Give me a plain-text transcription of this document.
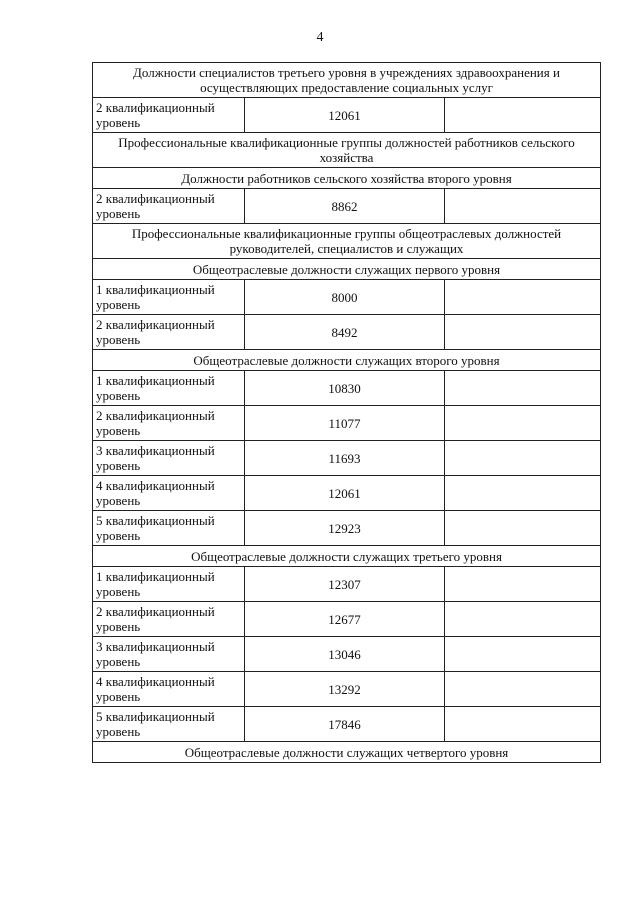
4
Должности специалистов третьего уровня в учреждениях здравоохранения и осуществляющих предоставление социальных услуг		
2 квалификационный уровень	12061	
Профессиональные квалификационные группы должностей работников сельского хозяйства		
Должности работников сельского хозяйства второго уровня		
2 квалификационный уровень	8862	
Профессиональные квалификационные группы общеотраслевых должностей руководителей, специалистов и служащих		
Общеотраслевые должности служащих первого уровня		
1 квалификационный уровень	8000	
2 квалификационный уровень	8492	
Общеотраслевые должности служащих второго уровня		
1 квалификационный уровень	10830	
2 квалификационный уровень	11077	
3 квалификационный уровень	11693	
4 квалификационный уровень	12061	
5 квалификационный уровень	12923	
Общеотраслевые должности служащих третьего уровня		
1 квалификационный уровень	12307	
2 квалификационный уровень	12677	
3 квалификационный уровень	13046	
4 квалификационный уровень	13292	
5 квалификационный уровень	17846	
Общеотраслевые должности служащих четвертого уровня		
